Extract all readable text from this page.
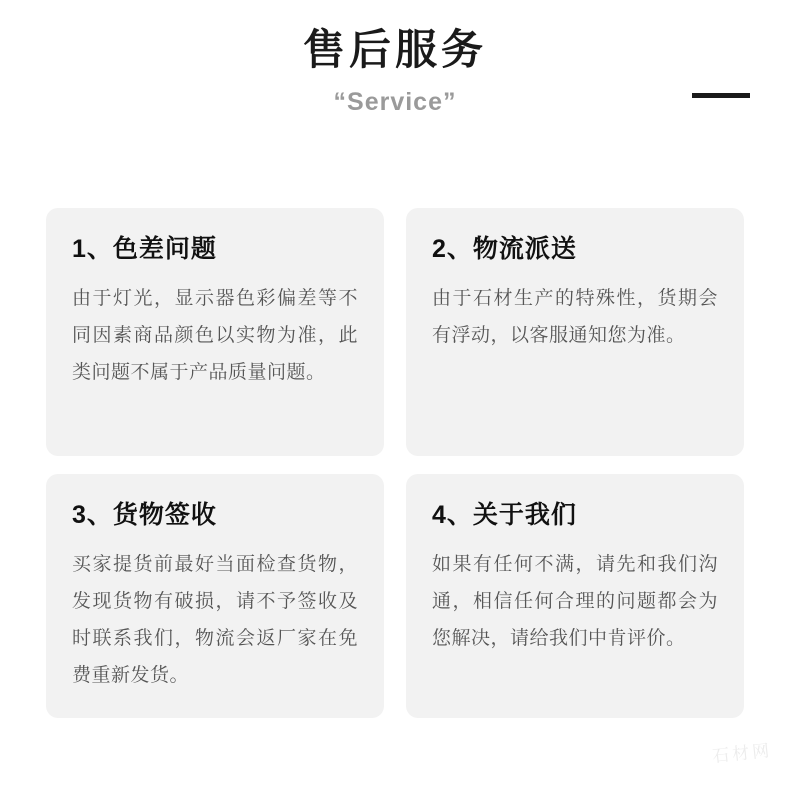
售后服务
“Service”
1、色差问题

由于灯光，显示器色彩偏差等不同因素商品颜色以实物为准，此类问题不属于产品质量问题。

2、物流派送

由于石材生产的特殊性，货期会有浮动，以客服通知您为准。

3、货物签收

买家提货前最好当面检查货物，发现货物有破损，请不予签收及时联系我们，物流会返厂家在免费重新发货。

4、关于我们

如果有任何不满，请先和我们沟通，相信任何合理的问题都会为您解决，请给我们中肯评价。

石材网
